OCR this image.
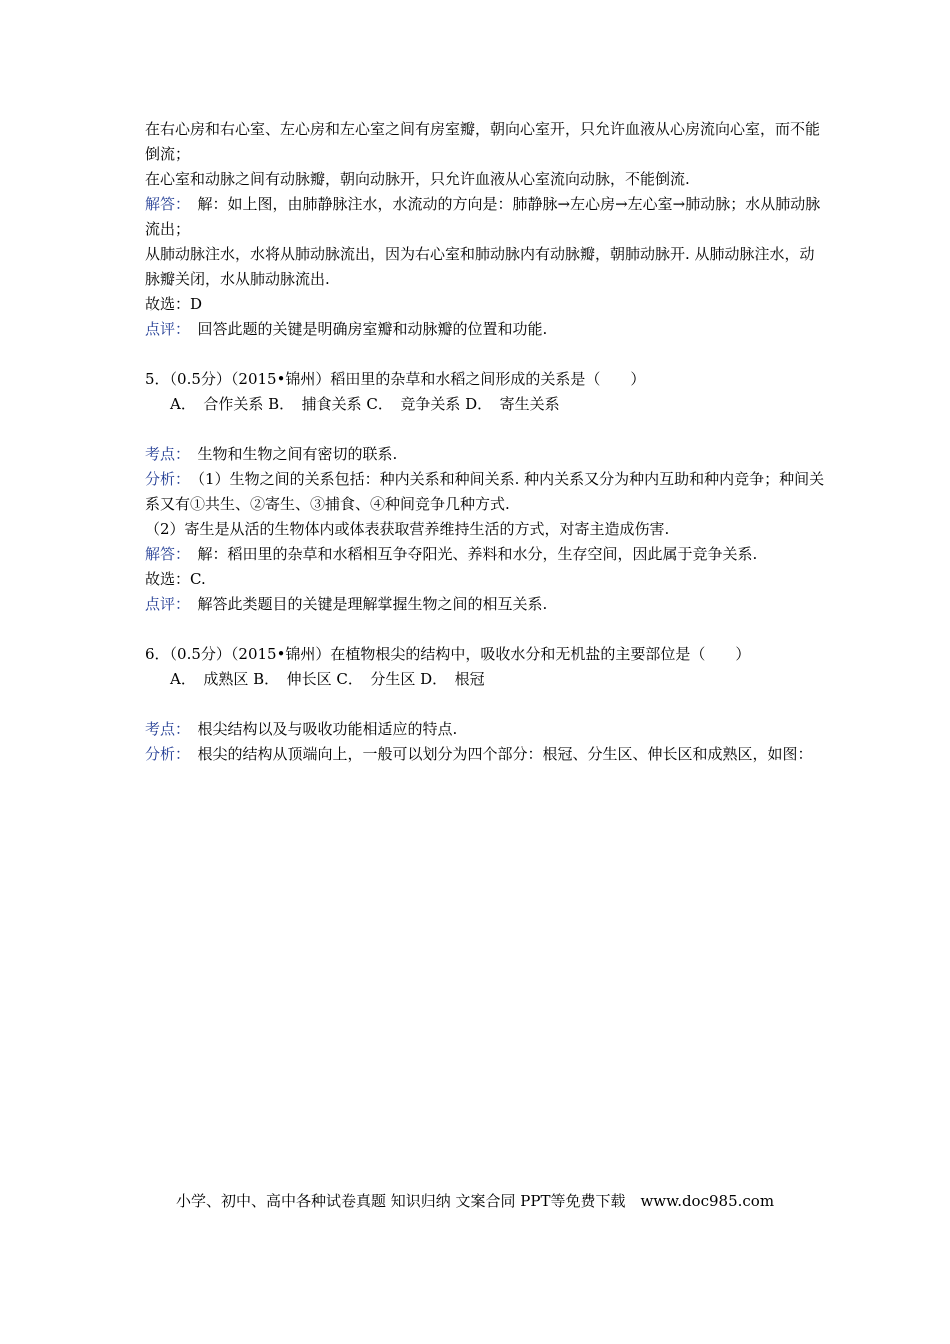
在右心房和右心室、左心房和左心室之间有房室瓣，朝向心室开，只允许血液从心房流向心室，而不能倒流；

在心室和动脉之间有动脉瓣，朝向动脉开，只允许血液从心室流向动脉，不能倒流.

解答：　 解：如上图，由肺静脉注水，水流动的方向是：肺静脉→左心房→左心室→肺动脉；水从肺动脉流出；

从肺动脉注水，水将从肺动脉流出，因为右心室和肺动脉内有动脉瓣，朝肺动脉开. 从肺动脉注水，动脉瓣关闭，水从肺动脉流出.

故选：D

点评：　 回答此题的关键是明确房室瓣和动脉瓣的位置和功能.

5．（0.5分）（2015•锦州）稻田里的杂草和水稻之间形成的关系是（　　）

A．　合作关系 B．　捕食关系 C．　竞争关系 D．　寄生关系

考点：　 生物和生物之间有密切的联系.

分析：　 （1）生物之间的关系包括：种内关系和种间关系. 种内关系又分为种内互助和种内竞争；种间关系又有①共生、②寄生、③捕食、④种间竞争几种方式.

（2）寄生是从活的生物体内或体表获取营养维持生活的方式，对寄主造成伤害.

解答：　 解：稻田里的杂草和水稻相互争夺阳光、养料和水分，生存空间，因此属于竞争关系.

故选：C.

点评：　 解答此类题目的关键是理解掌握生物之间的相互关系.

6．（0.5分）（2015•锦州）在植物根尖的结构中，吸收水分和无机盐的主要部位是（　　）

A．　成熟区 B．　伸长区 C．　分生区 D．　根冠

考点：　 根尖结构以及与吸收功能相适应的特点.

分析：　 根尖的结构从顶端向上，一般可以划分为四个部分：根冠、分生区、伸长区和成熟区，如图：

小学、初中、高中各种试卷真题 知识归纳 文案合同 PPT等免费下载　www.doc985.com
